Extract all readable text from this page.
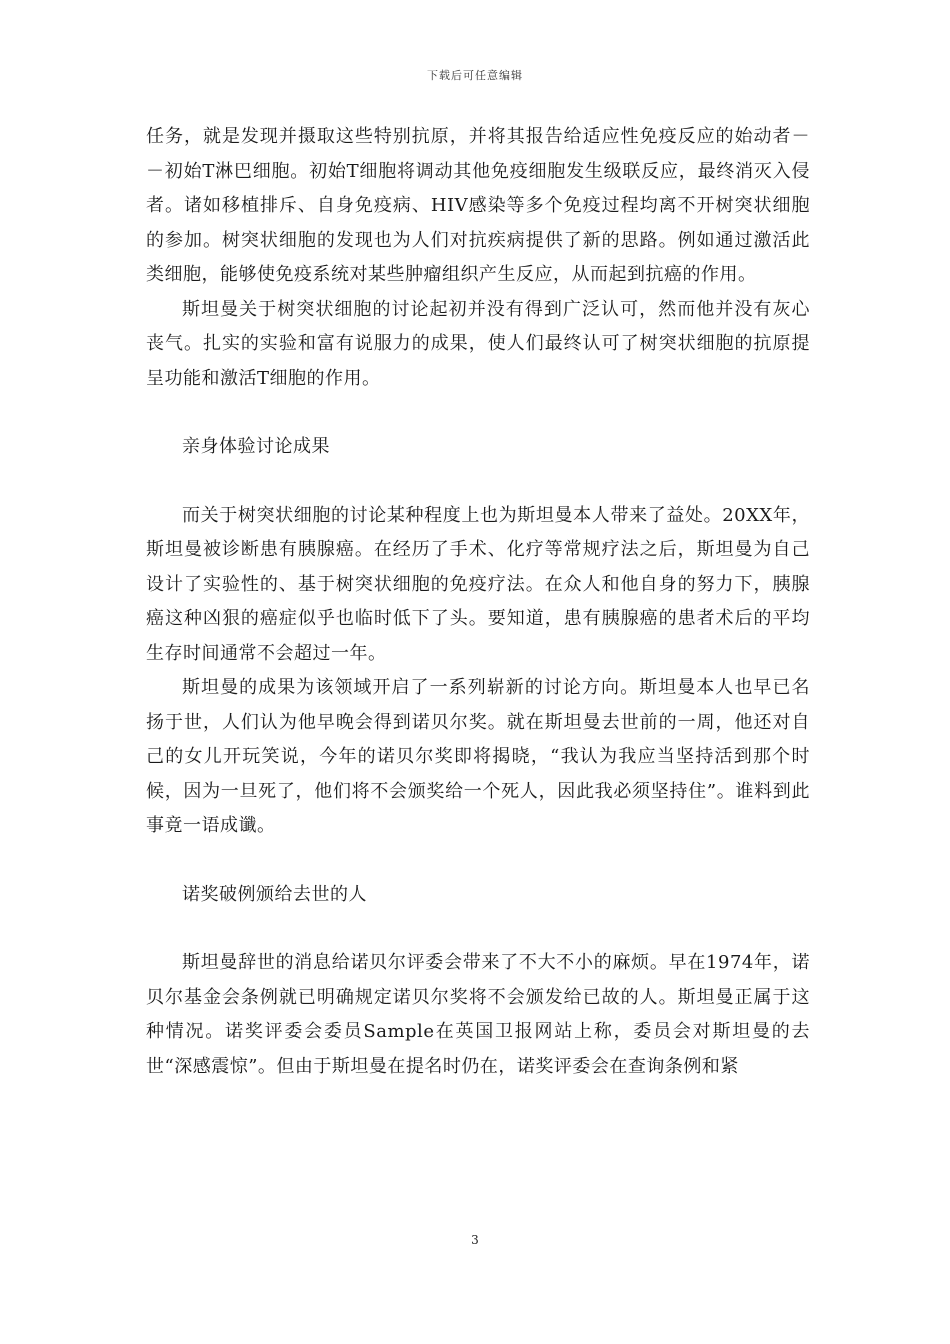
下载后可任意编辑

任务，就是发现并摄取这些特别抗原，并将其报告给适应性免疫反应的始动者－－初始T淋巴细胞。初始T细胞将调动其他免疫细胞发生级联反应，最终消灭入侵者。诸如移植排斥、自身免疫病、HIV感染等多个免疫过程均离不开树突状细胞的参加。树突状细胞的发现也为人们对抗疾病提供了新的思路。例如通过激活此类细胞，能够使免疫系统对某些肿瘤组织产生反应，从而起到抗癌的作用。

斯坦曼关于树突状细胞的讨论起初并没有得到广泛认可，然而他并没有灰心丧气。扎实的实验和富有说服力的成果，使人们最终认可了树突状细胞的抗原提呈功能和激活T细胞的作用。

亲身体验讨论成果

而关于树突状细胞的讨论某种程度上也为斯坦曼本人带来了益处。20XX年，斯坦曼被诊断患有胰腺癌。在经历了手术、化疗等常规疗法之后，斯坦曼为自己设计了实验性的、基于树突状细胞的免疫疗法。在众人和他自身的努力下，胰腺癌这种凶狠的癌症似乎也临时低下了头。要知道，患有胰腺癌的患者术后的平均生存时间通常不会超过一年。

斯坦曼的成果为该领域开启了一系列崭新的讨论方向。斯坦曼本人也早已名扬于世，人们认为他早晚会得到诺贝尔奖。就在斯坦曼去世前的一周，他还对自己的女儿开玩笑说，今年的诺贝尔奖即将揭晓，“我认为我应当坚持活到那个时候，因为一旦死了，他们将不会颁奖给一个死人，因此我必须坚持住”。谁料到此事竟一语成谶。

诺奖破例颁给去世的人

斯坦曼辞世的消息给诺贝尔评委会带来了不大不小的麻烦。早在1974年，诺贝尔基金会条例就已明确规定诺贝尔奖将不会颁发给已故的人。斯坦曼正属于这种情况。诺奖评委会委员Sample在英国卫报网站上称，委员会对斯坦曼的去世“深感震惊”。但由于斯坦曼在提名时仍在，诺奖评委会在查询条例和紧

3
